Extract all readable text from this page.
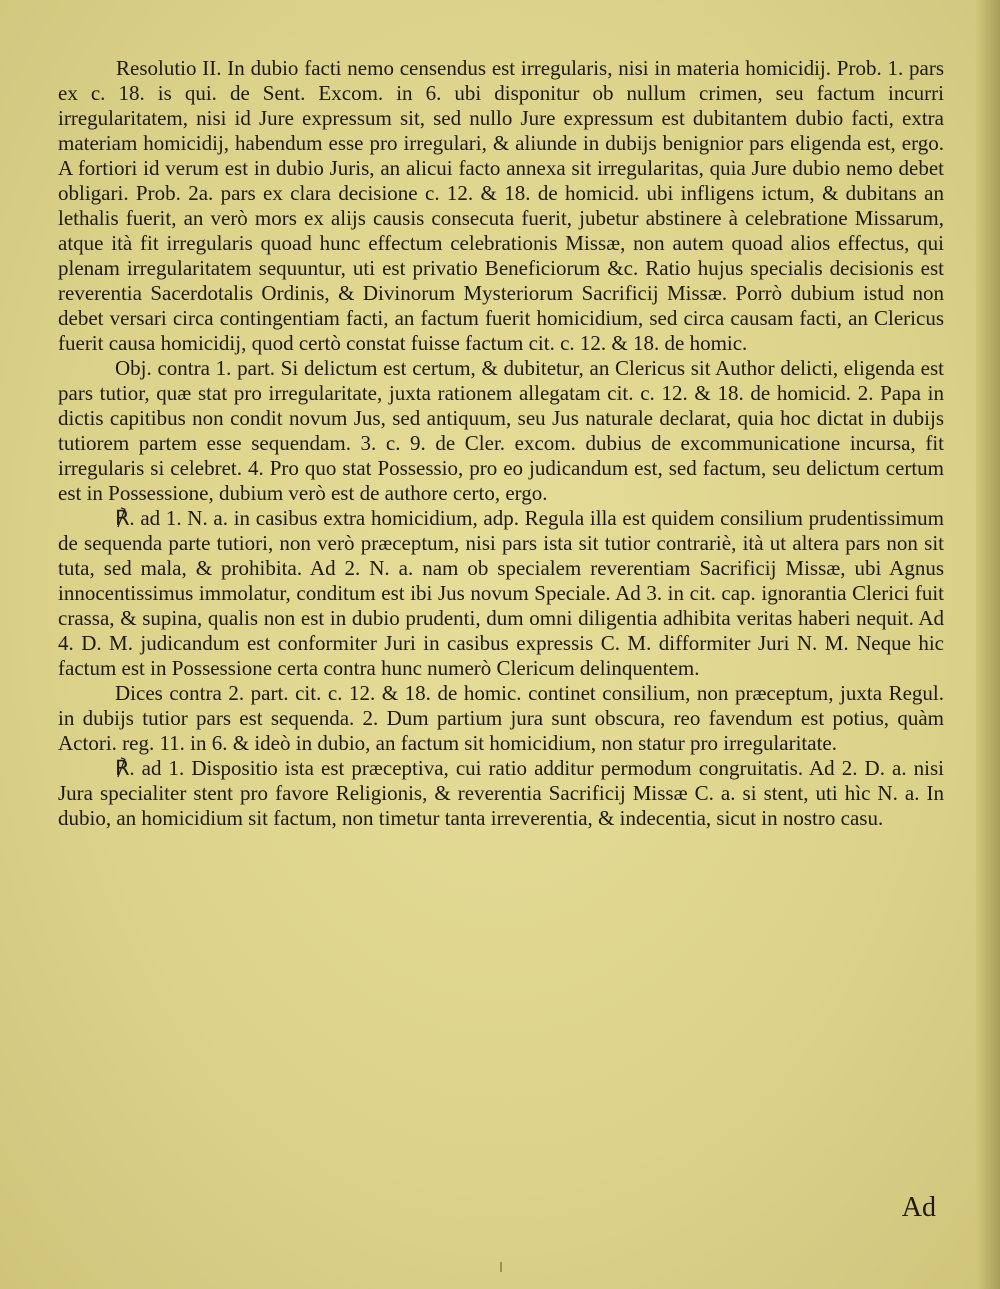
Resolutio II. In dubio facti nemo censendus est irregularis, nisi in materia homicidij. Prob. 1. pars ex c. 18. is qui. de Sent. Excom. in 6. ubi disponitur ob nullum crimen, seu factum incurri irregularitatem, nisi id Jure expressum sit, sed nullo Jure expressum est dubitantem dubio facti, extra materiam homicidij, habendum esse pro irregulari, & aliunde in dubijs benignior pars eligenda est, ergo. A fortiori id verum est in dubio Juris, an alicui facto annexa sit irregularitas, quia Jure dubio nemo debet obligari. Prob. 2a. pars ex clara decisione c. 12. & 18. de homicid. ubi infligens ictum, & dubitans an lethalis fuerit, an verò mors ex alijs causis consecuta fuerit, jubetur abstinere à celebratione Missarum, atque ità fit irregularis quoad hunc effectum celebrationis Missæ, non autem quoad alios effectus, qui plenam irregularitatem sequuntur, uti est privatio Beneficiorum &c. Ratio hujus specialis decisionis est reverentia Sacerdotalis Ordinis, & Divinorum Mysteriorum Sacrificij Missæ. Porrò dubium istud non debet versari circa contingentiam facti, an factum fuerit homicidium, sed circa causam facti, an Clericus fuerit causa homicidij, quod certò constat fuisse factum cit. c. 12. & 18. de homic.

Obj. contra 1. part. Si delictum est certum, & dubitetur, an Clericus sit Author delicti, eligenda est pars tutior, quæ stat pro irregularitate, juxta rationem allegatam cit. c. 12. & 18. de homicid. 2. Papa in dictis capitibus non condit novum Jus, sed antiquum, seu Jus naturale declarat, quia hoc dictat in dubijs tutiorem partem esse sequendam. 3. c. 9. de Cler. excom. dubius de excommunicatione incursa, fit irregularis si celebret. 4. Pro quo stat Possessio, pro eo judicandum est, sed factum, seu delictum certum est in Possessione, dubium verò est de authore certo, ergo.

℟. ad 1. N. a. in casibus extra homicidium, adp. Regula illa est quidem consilium prudentissimum de sequenda parte tutiori, non verò præceptum, nisi pars ista sit tutior contrariè, ità ut altera pars non sit tuta, sed mala, & prohibita. Ad 2. N. a. nam ob specialem reverentiam Sacrificij Missæ, ubi Agnus innocentissimus immolatur, conditum est ibi Jus novum Speciale. Ad 3. in cit. cap. ignorantia Clerici fuit crassa, & supina, qualis non est in dubio prudenti, dum omni diligentia adhibita veritas haberi nequit. Ad 4. D. M. judicandum est conformiter Juri in casibus expressis C. M. difformiter Juri N. M. Neque hic factum est in Possessione certa contra hunc numerò Clericum delinquentem.

Dices contra 2. part. cit. c. 12. & 18. de homic. continet consilium, non præceptum, juxta Regul. in dubijs tutior pars est sequenda. 2. Dum partium jura sunt obscura, reo favendum est potius, quàm Actori. reg. 11. in 6. & ideò in dubio, an factum sit homicidium, non statur pro irregularitate.

℟. ad 1. Dispositio ista est præceptiva, cui ratio additur permodum congruitatis. Ad 2. D. a. nisi Jura specialiter stent pro favore Religionis, & reverentia Sacrificij Missæ C. a. si stent, uti hìc N. a. In dubio, an homicidium sit factum, non timetur tanta irreverentia, & indecentia, sicut in nostro casu.

Ad
